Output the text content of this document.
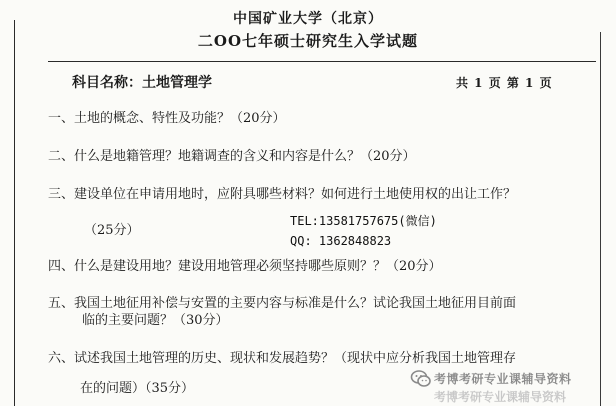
中国矿业大学（北京）
二OO七年硕士研究生入学试题
科目名称：土地管理学	共 1 页 第 1 页
一、土地的概念、特性及功能？（20分）
二、什么是地籍管理？地籍调查的含义和内容是什么？（20分）
三、建设单位在申请用地时，应附具哪些材料？如何进行土地使用权的出让工作？
（25分）
TEL:13581757675(微信)
QQ: 1362848823
四、什么是建设用地？建设用地管理必须坚持哪些原则？？（20分）
五、我国土地征用补偿与安置的主要内容与标准是什么？试论我国土地征用目前面
临的主要问题？（30分）
六、试述我国土地管理的历史、现状和发展趋势？（现状中应分析我国土地管理存
在的问题）（35分）
考博考研专业课辅导资料
考博考研专业课辅导资料
